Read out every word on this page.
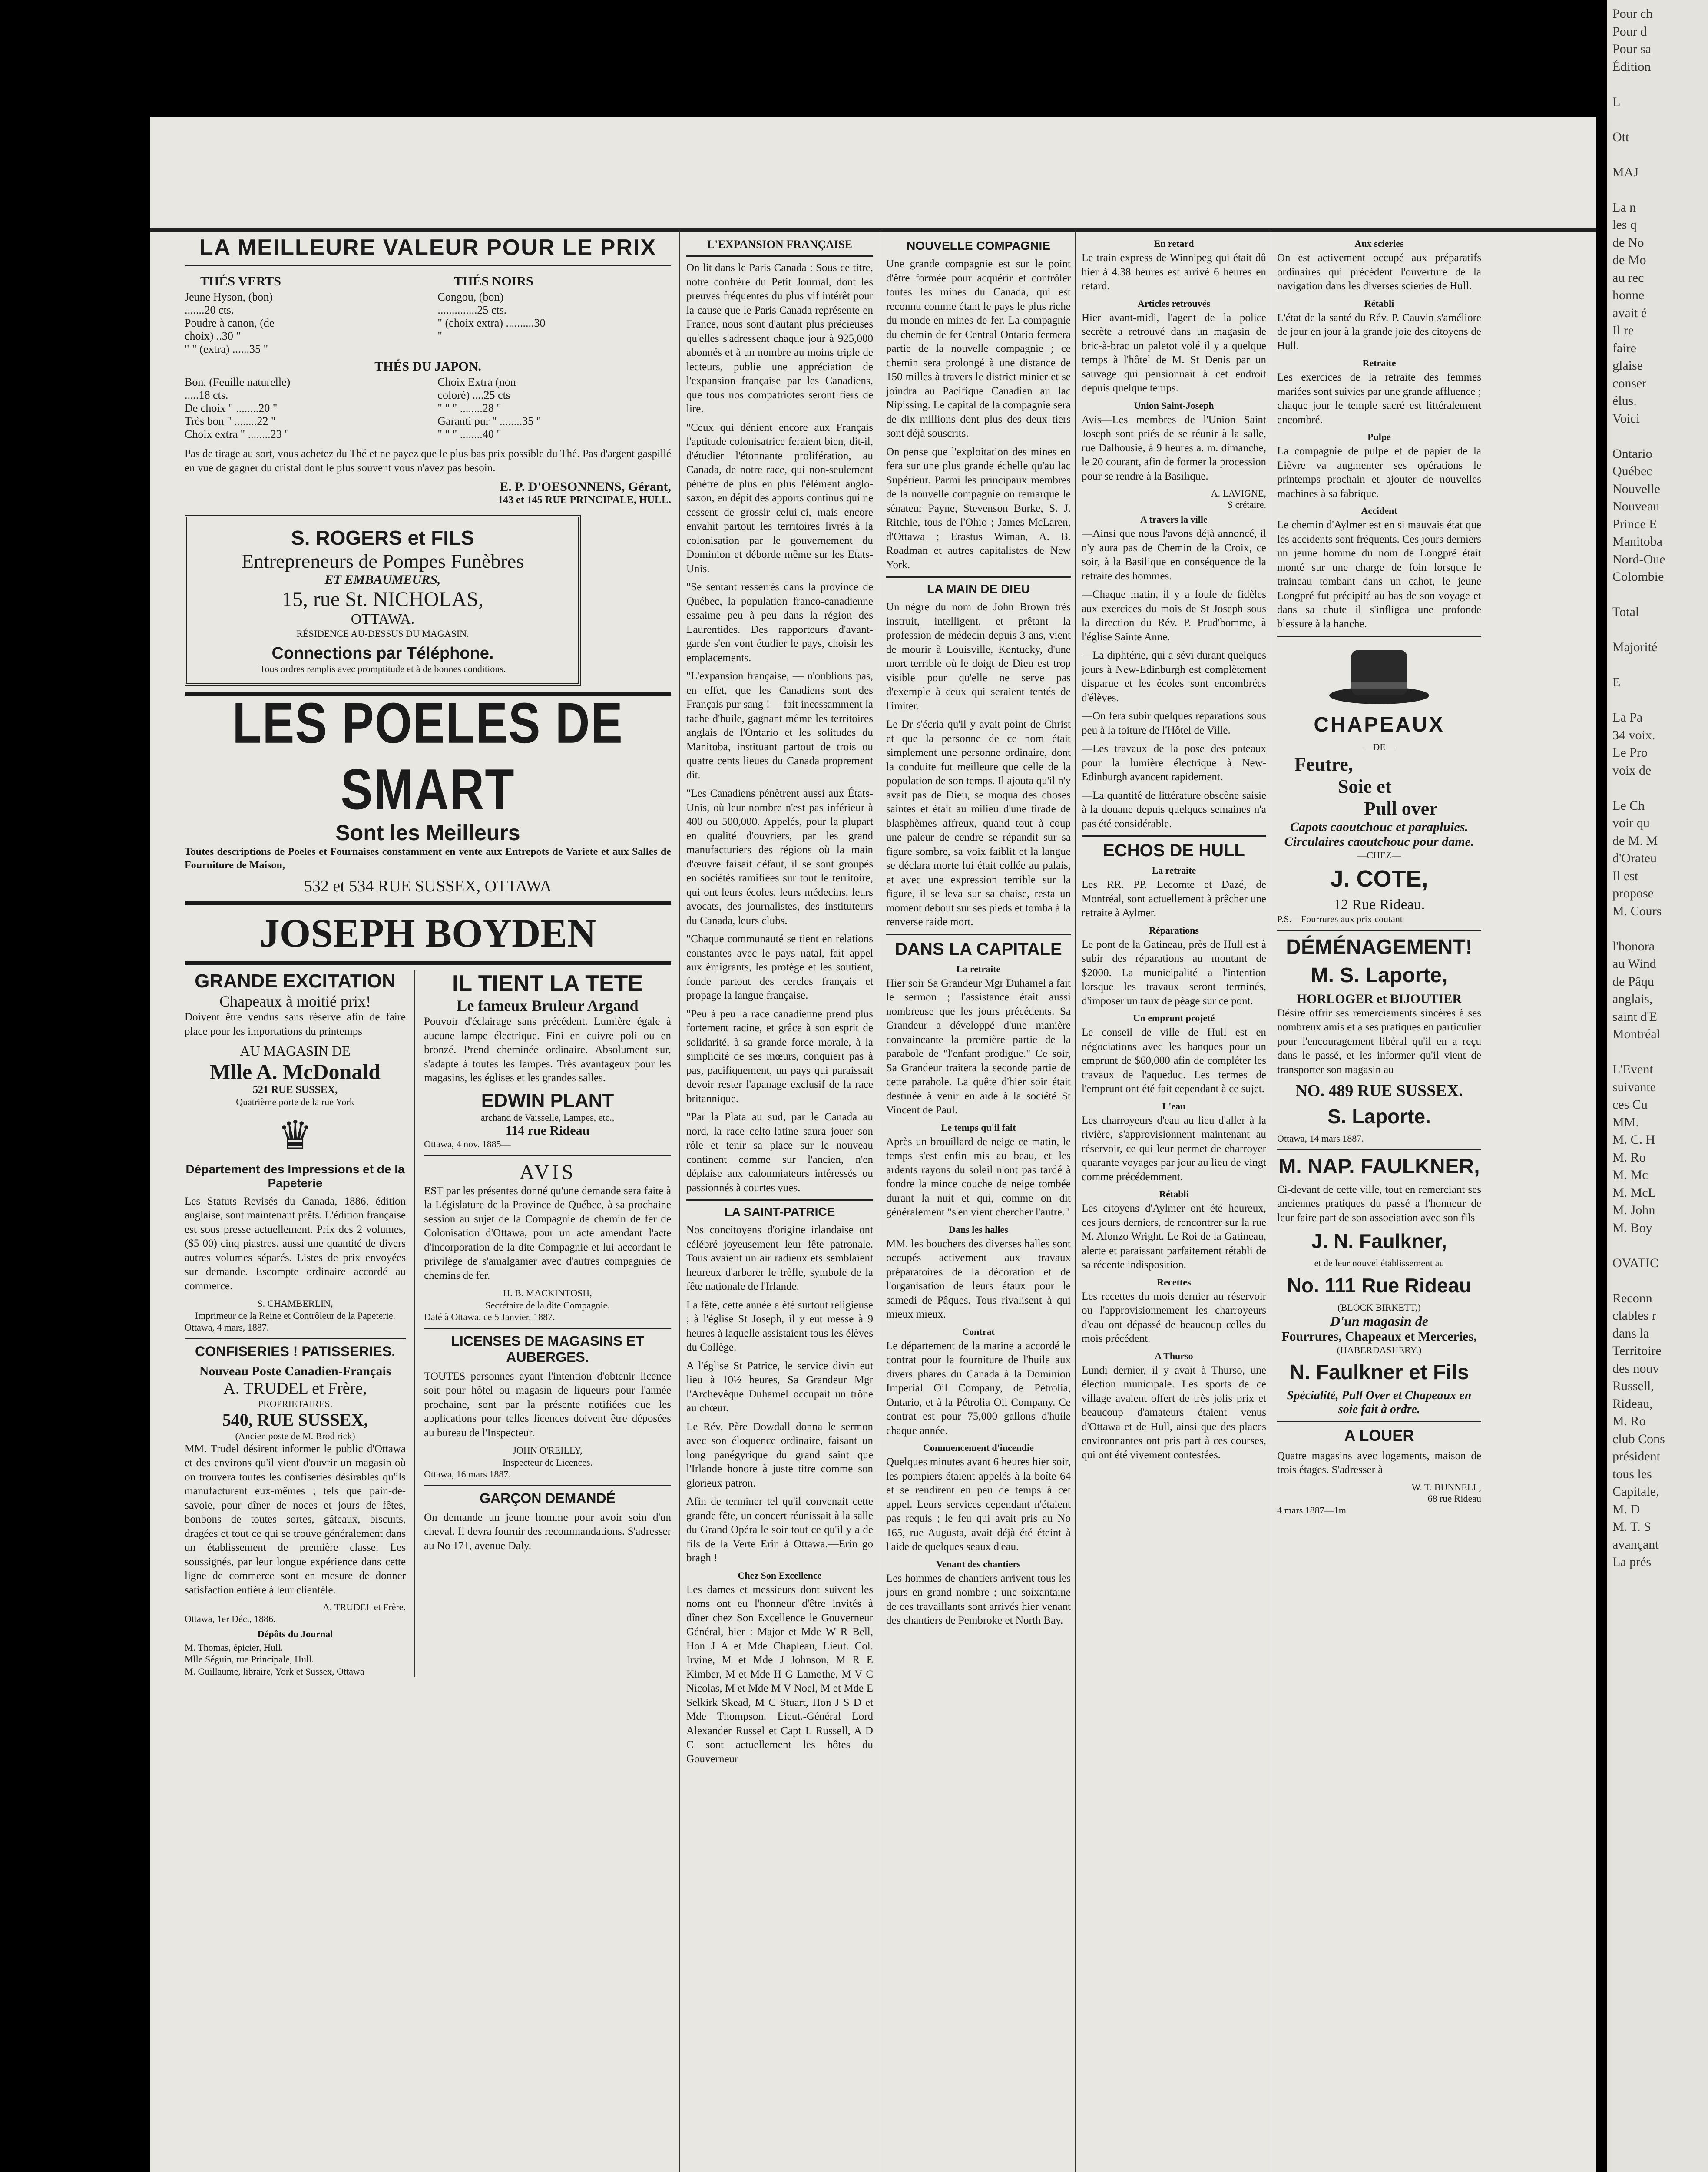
Pour ch
Pour d
Pour sa
Édition

L

Ott

MAJ

La n
les q
de No
de Mo
au rec
honne
avait é
Il re
faire
glaise
conser
élus.
Voici

Ontario
Québec
Nouvelle
Nouveau
Prince E
Manitoba
Nord-Oue
Colombie

Total

Majorité

E

La Pa
34 voix.
Le Pro
voix de

Le Ch
voir qu
de M. M
d'Orateu
Il est
propose
M. Cours

l'honora
au Wind
de Pâqu
anglais,
saint d'E
Montréal

L'Event
suivante
ces Cu
MM.
M. C. H
M. Ro
M. Mc
M. McL
M. John
M. Boy

OVATIC

Reconn
clables r
dans la
Territoire
des nouv
Russell,
Rideau,
M. Ro
club Cons
président
tous les
Capitale,
M. D
M. T. S
avançant
La prés
LA MEILLEURE VALEUR POUR LE PRIX
THÉS VERTS
Jeune Hyson, (bon) .......20 cts.
Poudre à canon, (de choix) ..30 "
" " (extra) ......35 "
THÉS NOIRS
Congou, (bon) ..............25 cts.
" (choix extra) ..........30 "
THÉS DU JAPON.
Bon, (Feuille naturelle) .....18 cts.
De choix " ........20 "
Très bon " ........22 "
Choix extra " ........23 "
Choix Extra (non coloré) ....25 cts
" " " ........28 "
Garanti pur " ........35 "
" " " ........40 "

Pas de tirage au sort, vous achetez du Thé et ne payez que le plus bas prix possible du Thé. Pas d'argent gaspillé en vue de gagner du cristal dont le plus souvent vous n'avez pas besoin.

E. P. D'OESONNENS, Gérant,
143 et 145 RUE PRINCIPALE, HULL.
S. ROGERS et FILS
Entrepreneurs de Pompes Funèbres
ET EMBAUMEURS,
15, rue St. NICHOLAS,
OTTAWA.
RÉSIDENCE AU-DESSUS DU MAGASIN.
Connections par Téléphone.
Tous ordres remplis avec promptitude et à de bonnes conditions.
LES POELES DE SMART
Sont les Meilleurs

Toutes descriptions de Poeles et Fournaises constamment en vente aux Entrepots de Variete et aux Salles de Fourniture de Maison,

532 et 534 RUE SUSSEX, OTTAWA
JOSEPH BOYDEN
GRANDE EXCITATION
Chapeaux à moitié prix!

Doivent être vendus sans réserve afin de faire place pour les importations du printemps

AU MAGASIN DE
Mlle A. McDonald
521 RUE SUSSEX,
Quatrième porte de la rue York
♛
Département des Impressions et de la Papeterie

Les Statuts Revisés du Canada, 1886, édition anglaise, sont maintenant prêts. L'édition française est sous presse actuellement. Prix des 2 volumes, ($5 00) cinq piastres. aussi une quantité de divers autres volumes séparés. Listes de prix envoyées sur demande. Escompte ordinaire accordé au commerce.

S. CHAMBERLIN,
Imprimeur de la Reine et Contrôleur de la Papeterie.
Ottawa, 4 mars, 1887.
CONFISERIES ! PATISSERIES.
Nouveau Poste Canadien-Français
A. TRUDEL et Frère,
PROPRIETAIRES.
540, RUE SUSSEX,
(Ancien poste de M. Brod rick)

MM. Trudel désirent informer le public d'Ottawa et des environs qu'il vient d'ouvrir un magasin où on trouvera toutes les confiseries désirables qu'ils manufacturent eux-mêmes ; tels que pain-de-savoie, pour dîner de noces et jours de fêtes, bonbons de toutes sortes, gâteaux, biscuits, dragées et tout ce qui se trouve généralement dans un établissement de première classe. Les soussignés, par leur longue expérience dans cette ligne de commerce sont en mesure de donner satisfaction entière à leur clientèle.

A. TRUDEL et Frère.
Ottawa, 1er Déc., 1886.
Dépôts du Journal
M. Thomas, épicier, Hull.
Mlle Séguin, rue Principale, Hull.
M. Guillaume, libraire, York et Sussex, Ottawa
IL TIENT LA TETE
Le fameux Bruleur Argand

Pouvoir d'éclairage sans précédent. Lumière égale à aucune lampe électrique. Fini en cuivre poli ou en bronzé. Prend cheminée ordinaire. Absolument sur, s'adapte à toutes les lampes. Très avantageux pour les magasins, les églises et les grandes salles.

EDWIN PLANT
archand de Vaisselle, Lampes, etc.,
114 rue Rideau
Ottawa, 4 nov. 1885—
AVIS

EST par les présentes donné qu'une demande sera faite à la Législature de la Province de Québec, à sa prochaine session au sujet de la Compagnie de chemin de fer de Colonisation d'Ottawa, pour un acte amendant l'acte d'incorporation de la dite Compagnie et lui accordant le privilège de s'amalgamer avec d'autres compagnies de chemins de fer.

H. B. MACKINTOSH,
Secrétaire de la dite Compagnie.
Daté à Ottawa, ce 5 Janvier, 1887.
LICENSES DE MAGASINS ET AUBERGES.

TOUTES personnes ayant l'intention d'obtenir licence soit pour hôtel ou magasin de liqueurs pour l'année prochaine, sont par la présente notifiées que les applications pour telles licences doivent être déposées au bureau de l'Inspecteur.

JOHN O'REILLY,
Inspecteur de Licences.
Ottawa, 16 mars 1887.
GARÇON DEMANDÉ

On demande un jeune homme pour avoir soin d'un cheval. Il devra fournir des recommandations. S'adresser au No 171, avenue Daly.

L'EXPANSION FRANÇAISE

On lit dans le Paris Canada : Sous ce titre, notre confrère du Petit Journal, dont les preuves fréquentes du plus vif intérêt pour la cause que le Paris Canada représente en France, nous sont d'autant plus précieuses qu'elles s'adressent chaque jour à 925,000 abonnés et à un nombre au moins triple de lecteurs, publie une appréciation de l'expansion française par les Canadiens, que tous nos compatriotes seront fiers de lire.

"Ceux qui dénient encore aux Français l'aptitude colonisatrice feraient bien, dit-il, d'étudier l'étonnante prolifération, au Canada, de notre race, qui non-seulement pénètre de plus en plus l'élément anglo-saxon, en dépit des apports continus qui ne cessent de grossir celui-ci, mais encore envahit partout les territoires livrés à la colonisation par le gouvernement du Dominion et déborde même sur les Etats-Unis.

"Se sentant resserrés dans la province de Québec, la population franco-canadienne essaime peu à peu dans la région des Laurentides. Des rapporteurs d'avant-garde s'en vont étudier le pays, choisir les emplacements.

"L'expansion française, — n'oublions pas, en effet, que les Canadiens sont des Français pur sang !— fait incessamment la tache d'huile, gagnant même les territoires anglais de l'Ontario et les solitudes du Manitoba, instituant partout de trois ou quatre cents lieues du Canada proprement dit.

"Les Canadiens pénètrent aussi aux États-Unis, où leur nombre n'est pas inférieur à 400 ou 500,000. Appelés, pour la plupart en qualité d'ouvriers, par les grand manufacturiers des régions où la main d'œuvre faisait défaut, il se sont groupés en sociétés ramifiées sur tout le territoire, qui ont leurs écoles, leurs médecins, leurs avocats, des journalistes, des instituteurs du Canada, leurs clubs.

"Chaque communauté se tient en relations constantes avec le pays natal, fait appel aux émigrants, les protège et les soutient, fonde partout des cercles français et propage la langue française.

"Peu à peu la race canadienne prend plus fortement racine, et grâce à son esprit de solidarité, à sa grande force morale, à la simplicité de ses mœurs, conquiert pas à pas, pacifiquement, un pays qui paraissait devoir rester l'apanage exclusif de la race britannique.

"Par la Plata au sud, par le Canada au nord, la race celto-latine saura jouer son rôle et tenir sa place sur le nouveau continent comme sur l'ancien, n'en déplaise aux calomniateurs intéressés ou passionnés à courtes vues.

LA SAINT-PATRICE

Nos concitoyens d'origine irlandaise ont célébré joyeusement leur fête patronale. Tous avaient un air radieux ets semblaient heureux d'arborer le trèfle, symbole de la fête nationale de l'Irlande.

La fête, cette année a été surtout religieuse ; à l'église St Joseph, il y eut messe à 9 heures à laquelle assistaient tous les élèves du Collège.

A l'église St Patrice, le service divin eut lieu à 10½ heures, Sa Grandeur Mgr l'Archevêque Duhamel occupait un trône au chœur.

Le Rév. Père Dowdall donna le sermon avec son éloquence ordinaire, faisant un long panégyrique du grand saint que l'Irlande honore à juste titre comme son glorieux patron.

Afin de terminer tel qu'il convenait cette grande fête, un concert réunissait à la salle du Grand Opéra le soir tout ce qu'il y a de fils de la Verte Erin à Ottawa.—Erin go bragh !

Chez Son Excellence

Les dames et messieurs dont suivent les noms ont eu l'honneur d'être invités à dîner chez Son Excellence le Gouverneur Général, hier : Major et Mde W R Bell, Hon J A et Mde Chapleau, Lieut. Col. Irvine, M et Mde J Johnson, M R E Kimber, M et Mde H G Lamothe, M V C Nicolas, M et Mde M V Noel, M et Mde E Selkirk Skead, M C Stuart, Hon J S D et Mde Thompson. Lieut.-Général Lord Alexander Russel et Capt L Russell, A D C sont actuellement les hôtes du Gouverneur

NOUVELLE COMPAGNIE

Une grande compagnie est sur le point d'être formée pour acquérir et contrôler toutes les mines du Canada, qui est reconnu comme étant le pays le plus riche du monde en mines de fer. La compagnie du chemin de fer Central Ontario fermera partie de la nouvelle compagnie ; ce chemin sera prolongé à une distance de 150 milles à travers le district minier et se joindra au Pacifique Canadien au lac Nipissing. Le capital de la compagnie sera de dix millions dont plus des deux tiers sont déjà souscrits.

On pense que l'exploitation des mines en fera sur une plus grande échelle qu'au lac Supérieur. Parmi les principaux membres de la nouvelle compagnie on remarque le sénateur Payne, Stevenson Burke, S. J. Ritchie, tous de l'Ohio ; James McLaren, d'Ottawa ; Erastus Wiman, A. B. Roadman et autres capitalistes de New York.

LA MAIN DE DIEU

Un nègre du nom de John Brown très instruit, intelligent, et prêtant la profession de médecin depuis 3 ans, vient de mourir à Louisville, Kentucky, d'une mort terrible où le doigt de Dieu est trop visible pour qu'elle ne serve pas d'exemple à ceux qui seraient tentés de l'imiter.

Le Dr s'écria qu'il y avait point de Christ et que la personne de ce nom était simplement une personne ordinaire, dont la conduite fut meilleure que celle de la population de son temps. Il ajouta qu'il n'y avait pas de Dieu, se moqua des choses saintes et était au milieu d'une tirade de blasphèmes affreux, quand tout à coup une paleur de cendre se répandit sur sa figure sombre, sa voix faiblit et la langue se déclara morte lui était collée au palais, et avec une expression terrible sur la figure, il se leva sur sa chaise, resta un moment debout sur ses pieds et tomba à la renverse raide mort.

DANS LA CAPITALE
La retraite

Hier soir Sa Grandeur Mgr Duhamel a fait le sermon ; l'assistance était aussi nombreuse que les jours précédents. Sa Grandeur a développé d'une manière convaincante la première partie de la parabole de "l'enfant prodigue." Ce soir, Sa Grandeur traitera la seconde partie de cette parabole. La quête d'hier soir était destinée à venir en aide à la société St Vincent de Paul.

Le temps qu'il fait

Après un brouillard de neige ce matin, le temps s'est enfin mis au beau, et les ardents rayons du soleil n'ont pas tardé à fondre la mince couche de neige tombée durant la nuit et qui, comme on dit généralement "s'en vient chercher l'autre."

Dans les halles

MM. les bouchers des diverses halles sont occupés activement aux travaux préparatoires de la décoration et de l'organisation de leurs étaux pour le samedi de Pâques. Tous rivalisent à qui mieux mieux.

Contrat

Le département de la marine a accordé le contrat pour la fourniture de l'huile aux divers phares du Canada à la Dominion Imperial Oil Company, de Pétrolia, Ontario, et à la Pétrolia Oil Company. Ce contrat est pour 75,000 gallons d'huile chaque année.

Commencement d'incendie

Quelques minutes avant 6 heures hier soir, les pompiers étaient appelés à la boîte 64 et se rendirent en peu de temps à cet appel. Leurs services cependant n'étaient pas requis ; le feu qui avait pris au No 165, rue Augusta, avait déjà été éteint à l'aide de quelques seaux d'eau.

Venant des chantiers

Les hommes de chantiers arrivent tous les jours en grand nombre ; une soixantaine de ces travaillants sont arrivés hier venant des chantiers de Pembroke et North Bay.

En retard

Le train express de Winnipeg qui était dû hier à 4.38 heures est arrivé 6 heures en retard.

Articles retrouvés

Hier avant-midi, l'agent de la police secrète a retrouvé dans un magasin de bric-à-brac un paletot volé il y a quelque temps à l'hôtel de M. St Denis par un sauvage qui pensionnait à cet endroit depuis quelque temps.

Union Saint-Joseph

Avis—Les membres de l'Union Saint Joseph sont priés de se réunir à la salle, rue Dalhousie, à 9 heures a. m. dimanche, le 20 courant, afin de former la procession pour se rendre à la Basilique.

A. LAVIGNE,
S crétaire.
A travers la ville

—Ainsi que nous l'avons déjà annoncé, il n'y aura pas de Chemin de la Croix, ce soir, à la Basilique en conséquence de la retraite des hommes.

—Chaque matin, il y a foule de fidèles aux exercices du mois de St Joseph sous la direction du Rév. P. Prud'homme, à l'église Sainte Anne.

—La diphtérie, qui a sévi durant quelques jours à New-Edinburgh est complètement disparue et les écoles sont encombrées d'élèves.

—On fera subir quelques réparations sous peu à la toiture de l'Hôtel de Ville.

—Les travaux de la pose des poteaux pour la lumière électrique à New-Edinburgh avancent rapidement.

—La quantité de littérature obscène saisie à la douane depuis quelques semaines n'a pas été considérable.

ECHOS DE HULL
La retraite

Les RR. PP. Lecomte et Dazé, de Montréal, sont actuellement à prêcher une retraite à Aylmer.

Réparations

Le pont de la Gatineau, près de Hull est à subir des réparations au montant de $2000. La municipalité a l'intention lorsque les travaux seront terminés, d'imposer un taux de péage sur ce pont.

Un emprunt projeté

Le conseil de ville de Hull est en négociations avec les banques pour un emprunt de $60,000 afin de compléter les travaux de l'aqueduc. Les termes de l'emprunt ont été fait cependant à ce sujet.

L'eau

Les charroyeurs d'eau au lieu d'aller à la rivière, s'approvisionnent maintenant au réservoir, ce qui leur permet de charroyer quarante voyages par jour au lieu de vingt comme précédemment.

Rétabli

Les citoyens d'Aylmer ont été heureux, ces jours derniers, de rencontrer sur la rue M. Alonzo Wright. Le Roi de la Gatineau, alerte et paraissant parfaitement rétabli de sa récente indisposition.

Recettes

Les recettes du mois dernier au réservoir ou l'approvisionnement les charroyeurs d'eau ont dépassé de beaucoup celles du mois précédent.

A Thurso

Lundi dernier, il y avait à Thurso, une élection municipale. Les sports de ce village avaient offert de très jolis prix et beaucoup d'amateurs étaient venus d'Ottawa et de Hull, ainsi que des places environnantes ont pris part à ces courses, qui ont été vivement contestées.

Aux scieries

On est activement occupé aux préparatifs ordinaires qui précèdent l'ouverture de la navigation dans les diverses scieries de Hull.

Rétabli

L'état de la santé du Rév. P. Cauvin s'améliore de jour en jour à la grande joie des citoyens de Hull.

Retraite

Les exercices de la retraite des femmes mariées sont suivies par une grande affluence ; chaque jour le temple sacré est littéralement encombré.

Pulpe

La compagnie de pulpe et de papier de la Lièvre va augmenter ses opérations le printemps prochain et ajouter de nouvelles machines à sa fabrique.

Accident

Le chemin d'Aylmer est en si mauvais état que les accidents sont fréquents. Ces jours derniers un jeune homme du nom de Longpré était monté sur une charge de foin lorsque le traineau tombant dans un cahot, le jeune Longpré fut précipité au bas de son voyage et dans sa chute il s'infligea une profonde blessure à la hanche.

CHAPEAUX
—DE—
Feutre,
Soie et
Pull over
Capots caoutchouc et parapluies.
Circulaires caoutchouc pour dame.
—CHEZ—
J. COTE,
12 Rue Rideau.
P.S.—Fourrures aux prix coutant
DÉMÉNAGEMENT!
M. S. Laporte,
HORLOGER et BIJOUTIER

Désire offrir ses remerciements sincères à ses nombreux amis et à ses pratiques en particulier pour l'encouragement libéral qu'il en a reçu dans le passé, et les informer qu'il vient de transporter son magasin au

NO. 489 RUE SUSSEX.
S. Laporte.
Ottawa, 14 mars 1887.
M. NAP. FAULKNER,

Ci-devant de cette ville, tout en remerciant ses anciennes pratiques du passé a l'honneur de leur faire part de son association avec son fils

J. N. Faulkner,
et de leur nouvel établissement au
No. 111 Rue Rideau
(BLOCK BIRKETT,)
D'un magasin de
Fourrures, Chapeaux et Merceries,
(HABERDASHERY.)
N. Faulkner et Fils
Spécialité, Pull Over et Chapeaux en soie fait à ordre.
A LOUER

Quatre magasins avec logements, maison de trois étages. S'adresser à

W. T. BUNNELL,
68 rue Rideau
4 mars 1887—1m
